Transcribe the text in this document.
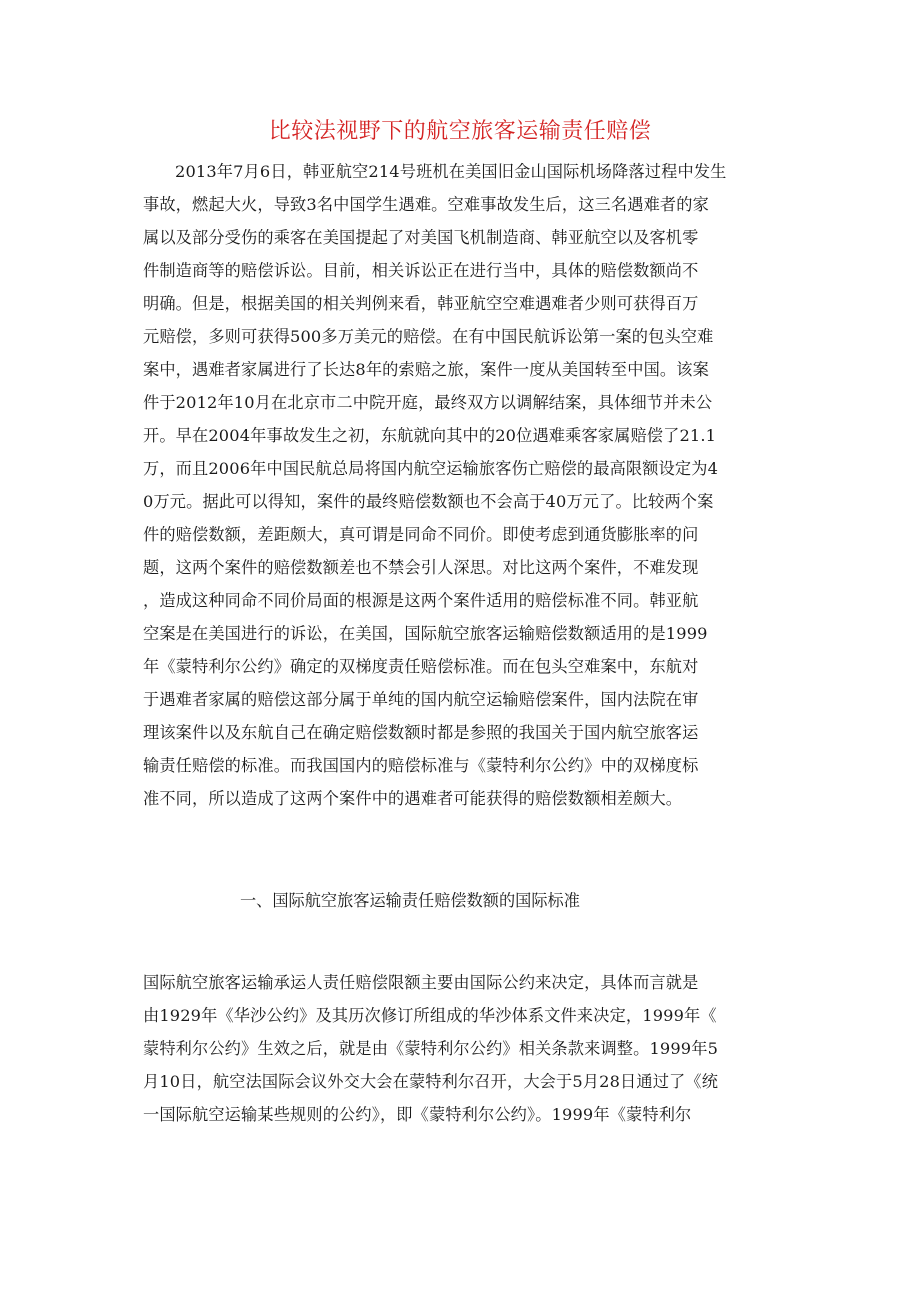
比较法视野下的航空旅客运输责任赔偿
2013年7月6日，韩亚航空214号班机在美国旧金山国际机场降落过程中发生
事故，燃起大火，导致3名中国学生遇难。空难事故发生后，这三名遇难者的家
属以及部分受伤的乘客在美国提起了对美国飞机制造商、韩亚航空以及客机零
件制造商等的赔偿诉讼。目前，相关诉讼正在进行当中，具体的赔偿数额尚不
明确。但是，根据美国的相关判例来看，韩亚航空空难遇难者少则可获得百万
元赔偿，多则可获得500多万美元的赔偿。在有中国民航诉讼第一案的包头空难
案中，遇难者家属进行了长达8年的索赔之旅，案件一度从美国转至中国。该案
件于2012年10月在北京市二中院开庭，最终双方以调解结案，具体细节并未公
开。早在2004年事故发生之初，东航就向其中的20位遇难乘客家属赔偿了21.1
万，而且2006年中国民航总局将国内航空运输旅客伤亡赔偿的最高限额设定为4
0万元。据此可以得知，案件的最终赔偿数额也不会高于40万元了。比较两个案
件的赔偿数额，差距颇大，真可谓是同命不同价。即使考虑到通货膨胀率的问
题，这两个案件的赔偿数额差也不禁会引人深思。对比这两个案件，不难发现
，造成这种同命不同价局面的根源是这两个案件适用的赔偿标准不同。韩亚航
空案是在美国进行的诉讼，在美国，国际航空旅客运输赔偿数额适用的是1999
年《蒙特利尔公约》确定的双梯度责任赔偿标准。而在包头空难案中，东航对
于遇难者家属的赔偿这部分属于单纯的国内航空运输赔偿案件，国内法院在审
理该案件以及东航自己在确定赔偿数额时都是参照的我国关于国内航空旅客运
输责任赔偿的标准。而我国国内的赔偿标准与《蒙特利尔公约》中的双梯度标
准不同，所以造成了这两个案件中的遇难者可能获得的赔偿数额相差颇大。
一、国际航空旅客运输责任赔偿数额的国际标准
国际航空旅客运输承运人责任赔偿限额主要由国际公约来决定，具体而言就是
由1929年《华沙公约》及其历次修订所组成的华沙体系文件来决定，1999年《
蒙特利尔公约》生效之后，就是由《蒙特利尔公约》相关条款来调整。1999年5
月10日，航空法国际会议外交大会在蒙特利尔召开，大会于5月28日通过了《统
一国际航空运输某些规则的公约》，即《蒙特利尔公约》。1999年《蒙特利尔
